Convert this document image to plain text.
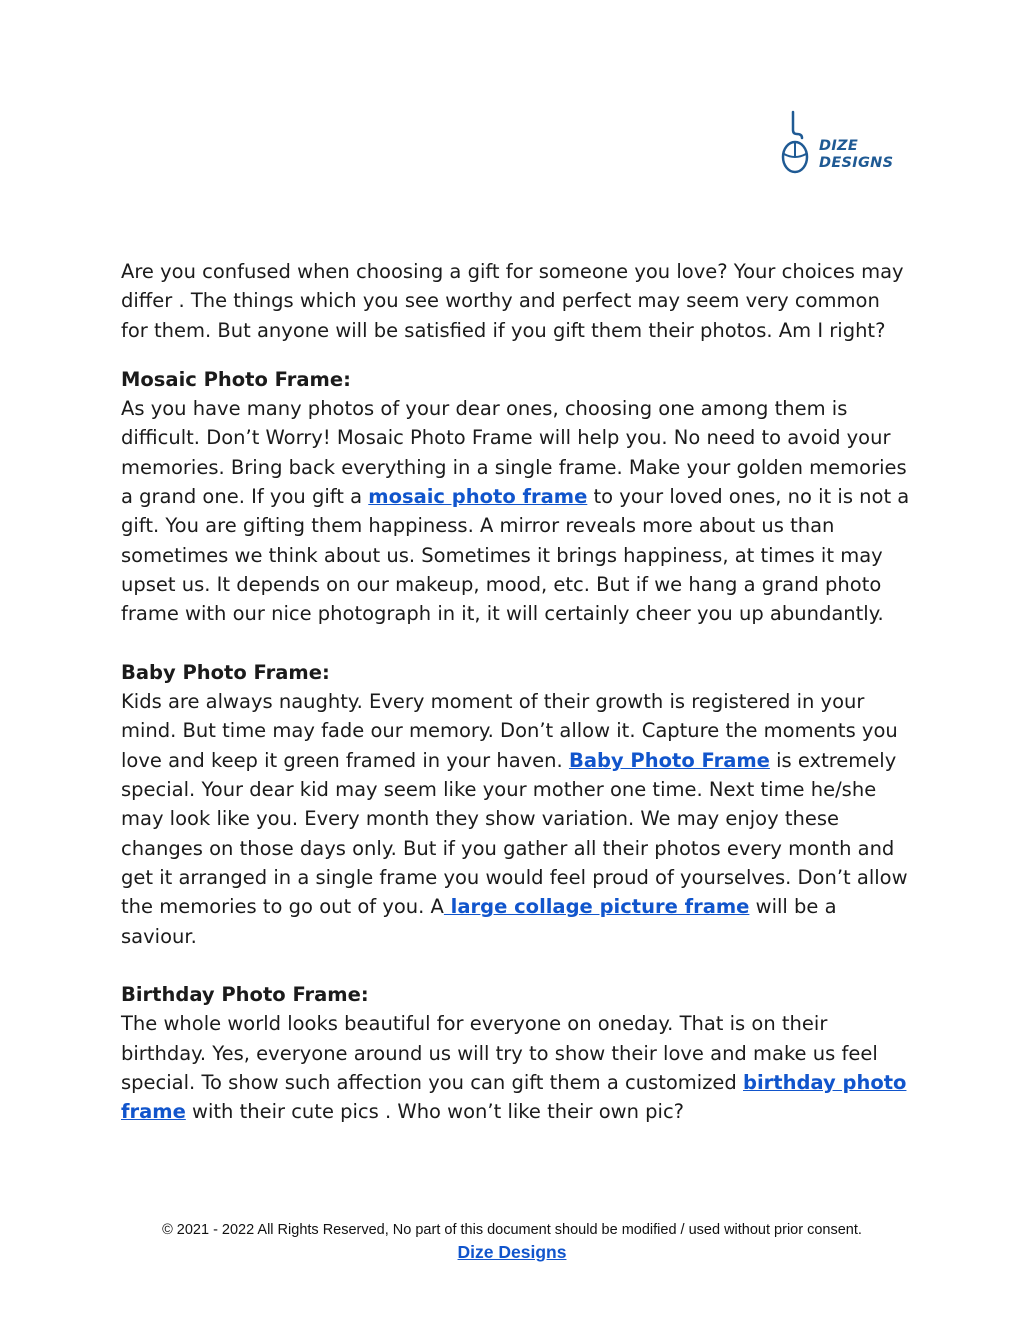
DIZE
DESIGNS

Are you confused when choosing a gift for someone you love? Your choices may differ . The things which you see worthy and perfect may seem very common for them. But anyone will be satisfied if you gift them their photos. Am I right?

Mosaic Photo Frame:

As you have many photos of your dear ones, choosing one among them is difficult. Don’t Worry! Mosaic Photo Frame will help you. No need to avoid your memories. Bring back everything in a single frame. Make your golden memories a grand one. If you gift a mosaic photo frame to your loved ones, no it is not a gift. You are gifting them happiness. A mirror reveals more about us than sometimes we think about us. Sometimes it brings happiness, at times it may upset us. It depends on our makeup, mood, etc. But if we hang a grand photo frame with our nice photograph in it, it will certainly cheer you up abundantly.

Baby Photo Frame:

Kids are always naughty. Every moment of their growth is registered in your mind. But time may fade our memory. Don’t allow it. Capture the moments you love and keep it green framed in your haven. Baby Photo Frame is extremely special. Your dear kid may seem like your mother one time. Next time he/she may look like you. Every month they show variation. We may enjoy these changes on those days only. But if you gather all their photos every month and get it arranged in a single frame you would feel proud of yourselves. Don’t allow the memories to go out of you. A large collage picture frame will be a saviour.

Birthday Photo Frame:

The whole world looks beautiful for everyone on oneday. That is on their birthday. Yes, everyone around us will try to show their love and make us feel special. To show such affection you can gift them a customized birthday photo frame with their cute pics . Who won’t like their own pic?

© 2021 - 2022 All Rights Reserved, No part of this document should be modified / used without prior consent.
Dize Designs
